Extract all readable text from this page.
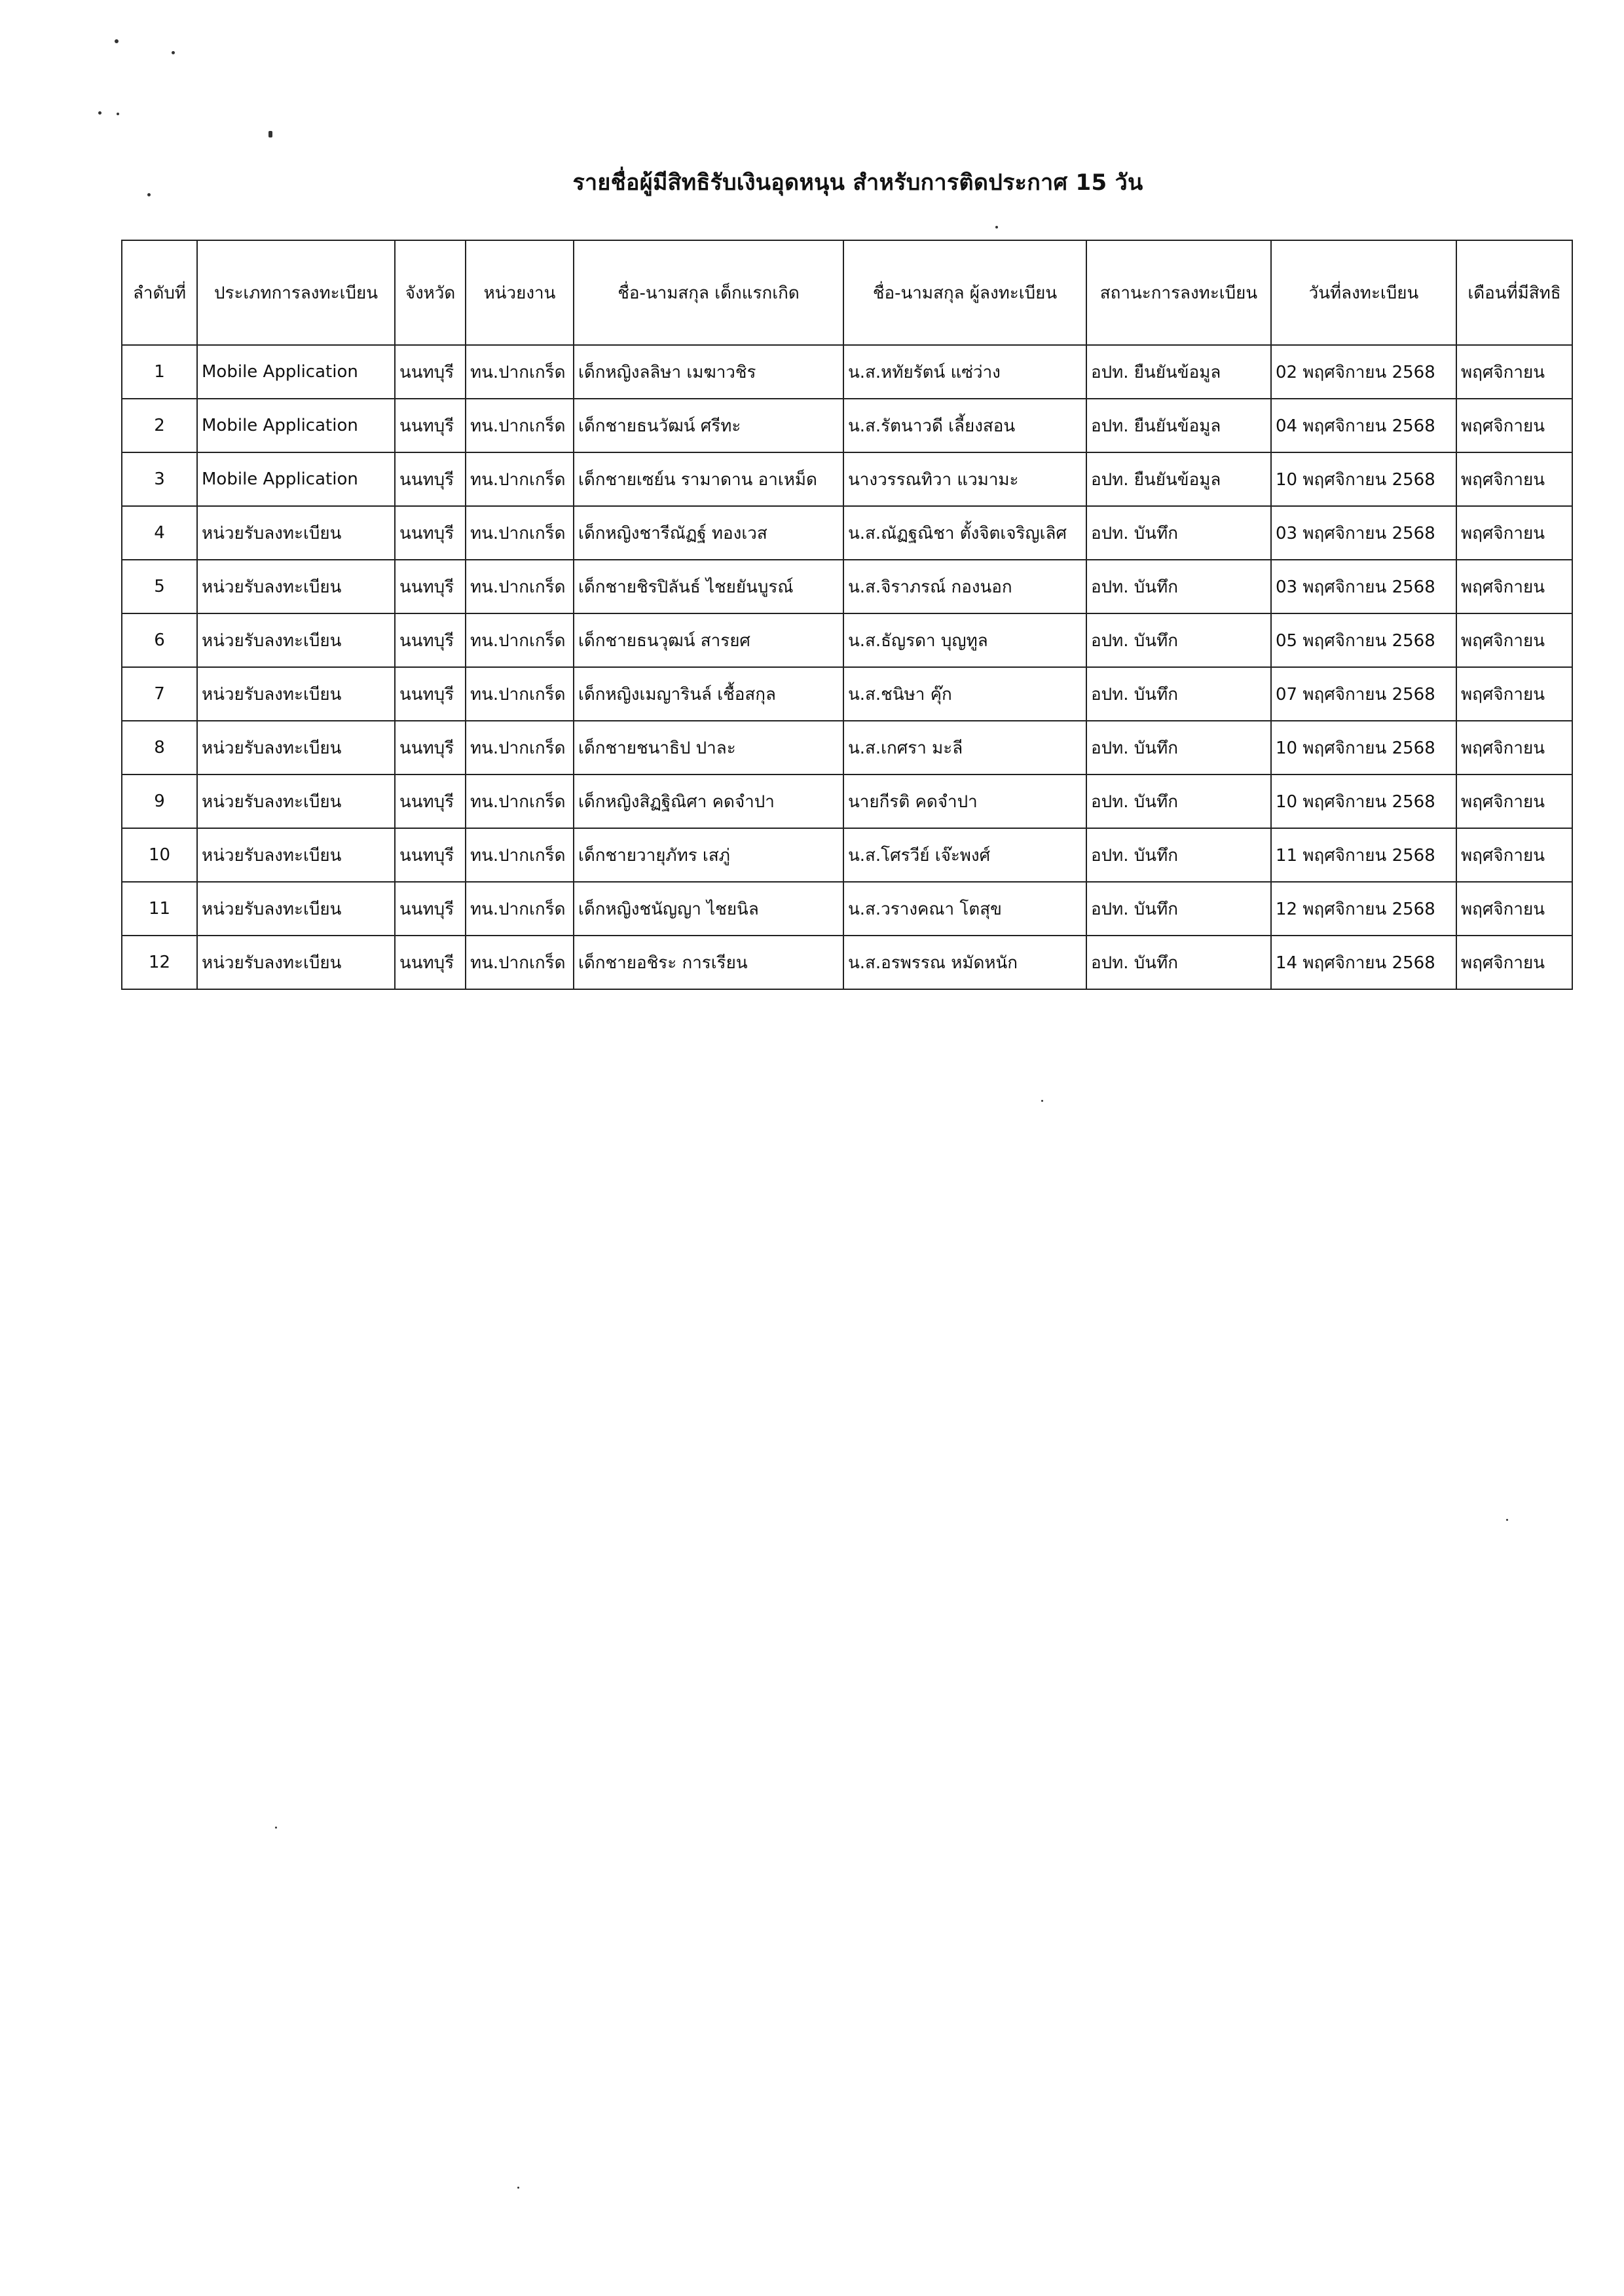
รายชื่อผู้มีสิทธิรับเงินอุดหนุน สำหรับการติดประกาศ 15 วัน
ลำดับที่	ประเภทการลงทะเบียน	จังหวัด	หน่วยงาน	ชื่อ-นามสกุล เด็กแรกเกิด	ชื่อ-นามสกุล ผู้ลงทะเบียน	สถานะการลงทะเบียน	วันที่ลงทะเบียน	เดือนที่มีสิทธิ
1	Mobile Application	นนทบุรี	ทน.ปากเกร็ด	เด็กหญิงลลิษา เมฆาวชิร	น.ส.หทัยรัตน์ แซ่ว่าง	อปท. ยืนยันข้อมูล	02 พฤศจิกายน 2568	พฤศจิกายน
2	Mobile Application	นนทบุรี	ทน.ปากเกร็ด	เด็กชายธนวัฒน์ ศรีทะ	น.ส.รัตนาวดี เลี้ยงสอน	อปท. ยืนยันข้อมูล	04 พฤศจิกายน 2568	พฤศจิกายน
3	Mobile Application	นนทบุรี	ทน.ปากเกร็ด	เด็กชายเซย์น รามาดาน อาเหม็ด	นางวรรณทิวา แวมามะ	อปท. ยืนยันข้อมูล	10 พฤศจิกายน 2568	พฤศจิกายน
4	หน่วยรับลงทะเบียน	นนทบุรี	ทน.ปากเกร็ด	เด็กหญิงชารีณัฏฐ์ ทองเวส	น.ส.ณัฏฐณิชา ตั้งจิตเจริญเลิศ	อปท. บันทึก	03 พฤศจิกายน 2568	พฤศจิกายน
5	หน่วยรับลงทะเบียน	นนทบุรี	ทน.ปากเกร็ด	เด็กชายชิรปิลันธ์ ไชยยันบูรณ์	น.ส.จิราภรณ์ กองนอก	อปท. บันทึก	03 พฤศจิกายน 2568	พฤศจิกายน
6	หน่วยรับลงทะเบียน	นนทบุรี	ทน.ปากเกร็ด	เด็กชายธนวุฒน์ สารยศ	น.ส.ธัญรดา บุญทูล	อปท. บันทึก	05 พฤศจิกายน 2568	พฤศจิกายน
7	หน่วยรับลงทะเบียน	นนทบุรี	ทน.ปากเกร็ด	เด็กหญิงเมญารินล์ เชื้อสกุล	น.ส.ชนิษา คุ๊ก	อปท. บันทึก	07 พฤศจิกายน 2568	พฤศจิกายน
8	หน่วยรับลงทะเบียน	นนทบุรี	ทน.ปากเกร็ด	เด็กชายชนาธิป ปาละ	น.ส.เกศรา มะลี	อปท. บันทึก	10 พฤศจิกายน 2568	พฤศจิกายน
9	หน่วยรับลงทะเบียน	นนทบุรี	ทน.ปากเกร็ด	เด็กหญิงสิฏฐิณิศา คดจำปา	นายกีรติ คดจำปา	อปท. บันทึก	10 พฤศจิกายน 2568	พฤศจิกายน
10	หน่วยรับลงทะเบียน	นนทบุรี	ทน.ปากเกร็ด	เด็กชายวายุภัทร เสภู่	น.ส.โศรวีย์ เจ๊ะพงศ์	อปท. บันทึก	11 พฤศจิกายน 2568	พฤศจิกายน
11	หน่วยรับลงทะเบียน	นนทบุรี	ทน.ปากเกร็ด	เด็กหญิงชนัญญา ไชยนิล	น.ส.วรางคณา โตสุข	อปท. บันทึก	12 พฤศจิกายน 2568	พฤศจิกายน
12	หน่วยรับลงทะเบียน	นนทบุรี	ทน.ปากเกร็ด	เด็กชายอชิระ การเรียน	น.ส.อรพรรณ หมัดหนัก	อปท. บันทึก	14 พฤศจิกายน 2568	พฤศจิกายน
